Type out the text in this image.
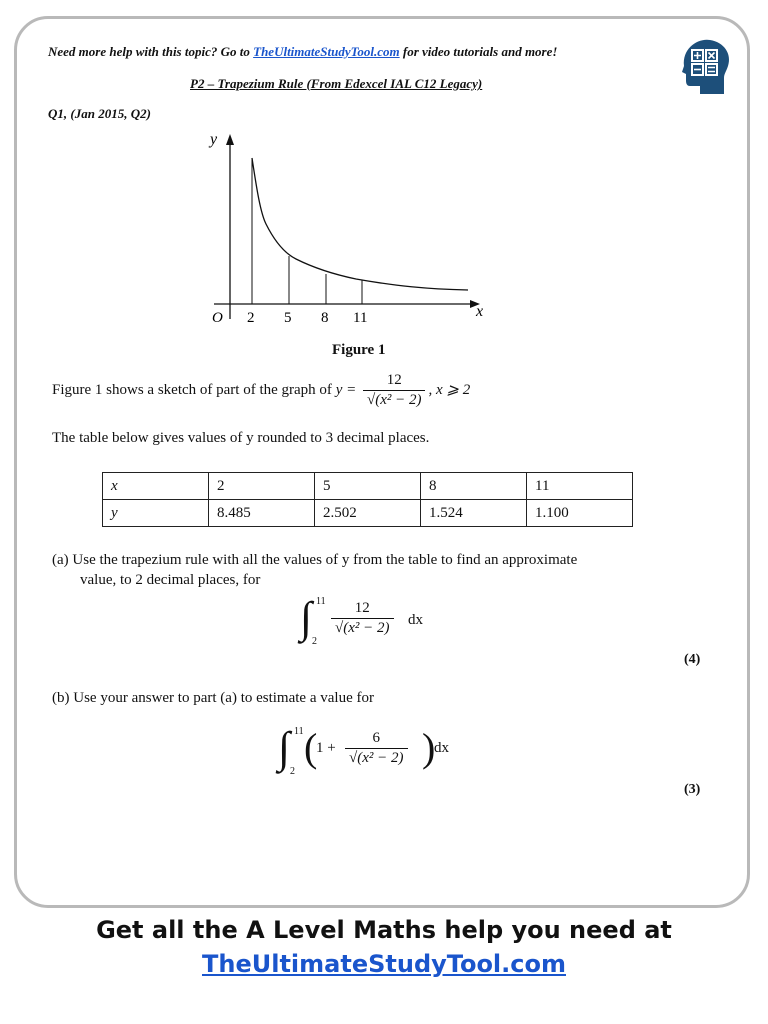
Need more help with this topic? Go to TheUltimateStudyTool.com for video tutorials and more!
P2 – Trapezium Rule (From Edexcel IAL C12 Legacy)
Q1, (Jan 2015, Q2)
y
x
O 2 5 8 11
Figure 1
Figure 1 shows a sketch of part of the graph of $y = \frac{12}{\text{√(x² − 2)}}$ , x ⩾ 2
The table below gives values of y rounded to 3 decimal places.
x	2	5	8	11
y	8.485	2.502	1.524	1.100
(a) Use the trapezium rule with all the values of y from the table to find an approximate
value, to 2 decimal places, for
∫ 11
2
$\frac{12}{\text{√(x² − 2)}}$ dx
(4)
(b) Use your answer to part (a) to estimate a value for
∫ 11
2
(
$1 + \frac{6}{\text{√(x² − 2)}}$ )
dx
(3)
Get all the A Level Maths help you need at
TheUltimateStudyTool.com
